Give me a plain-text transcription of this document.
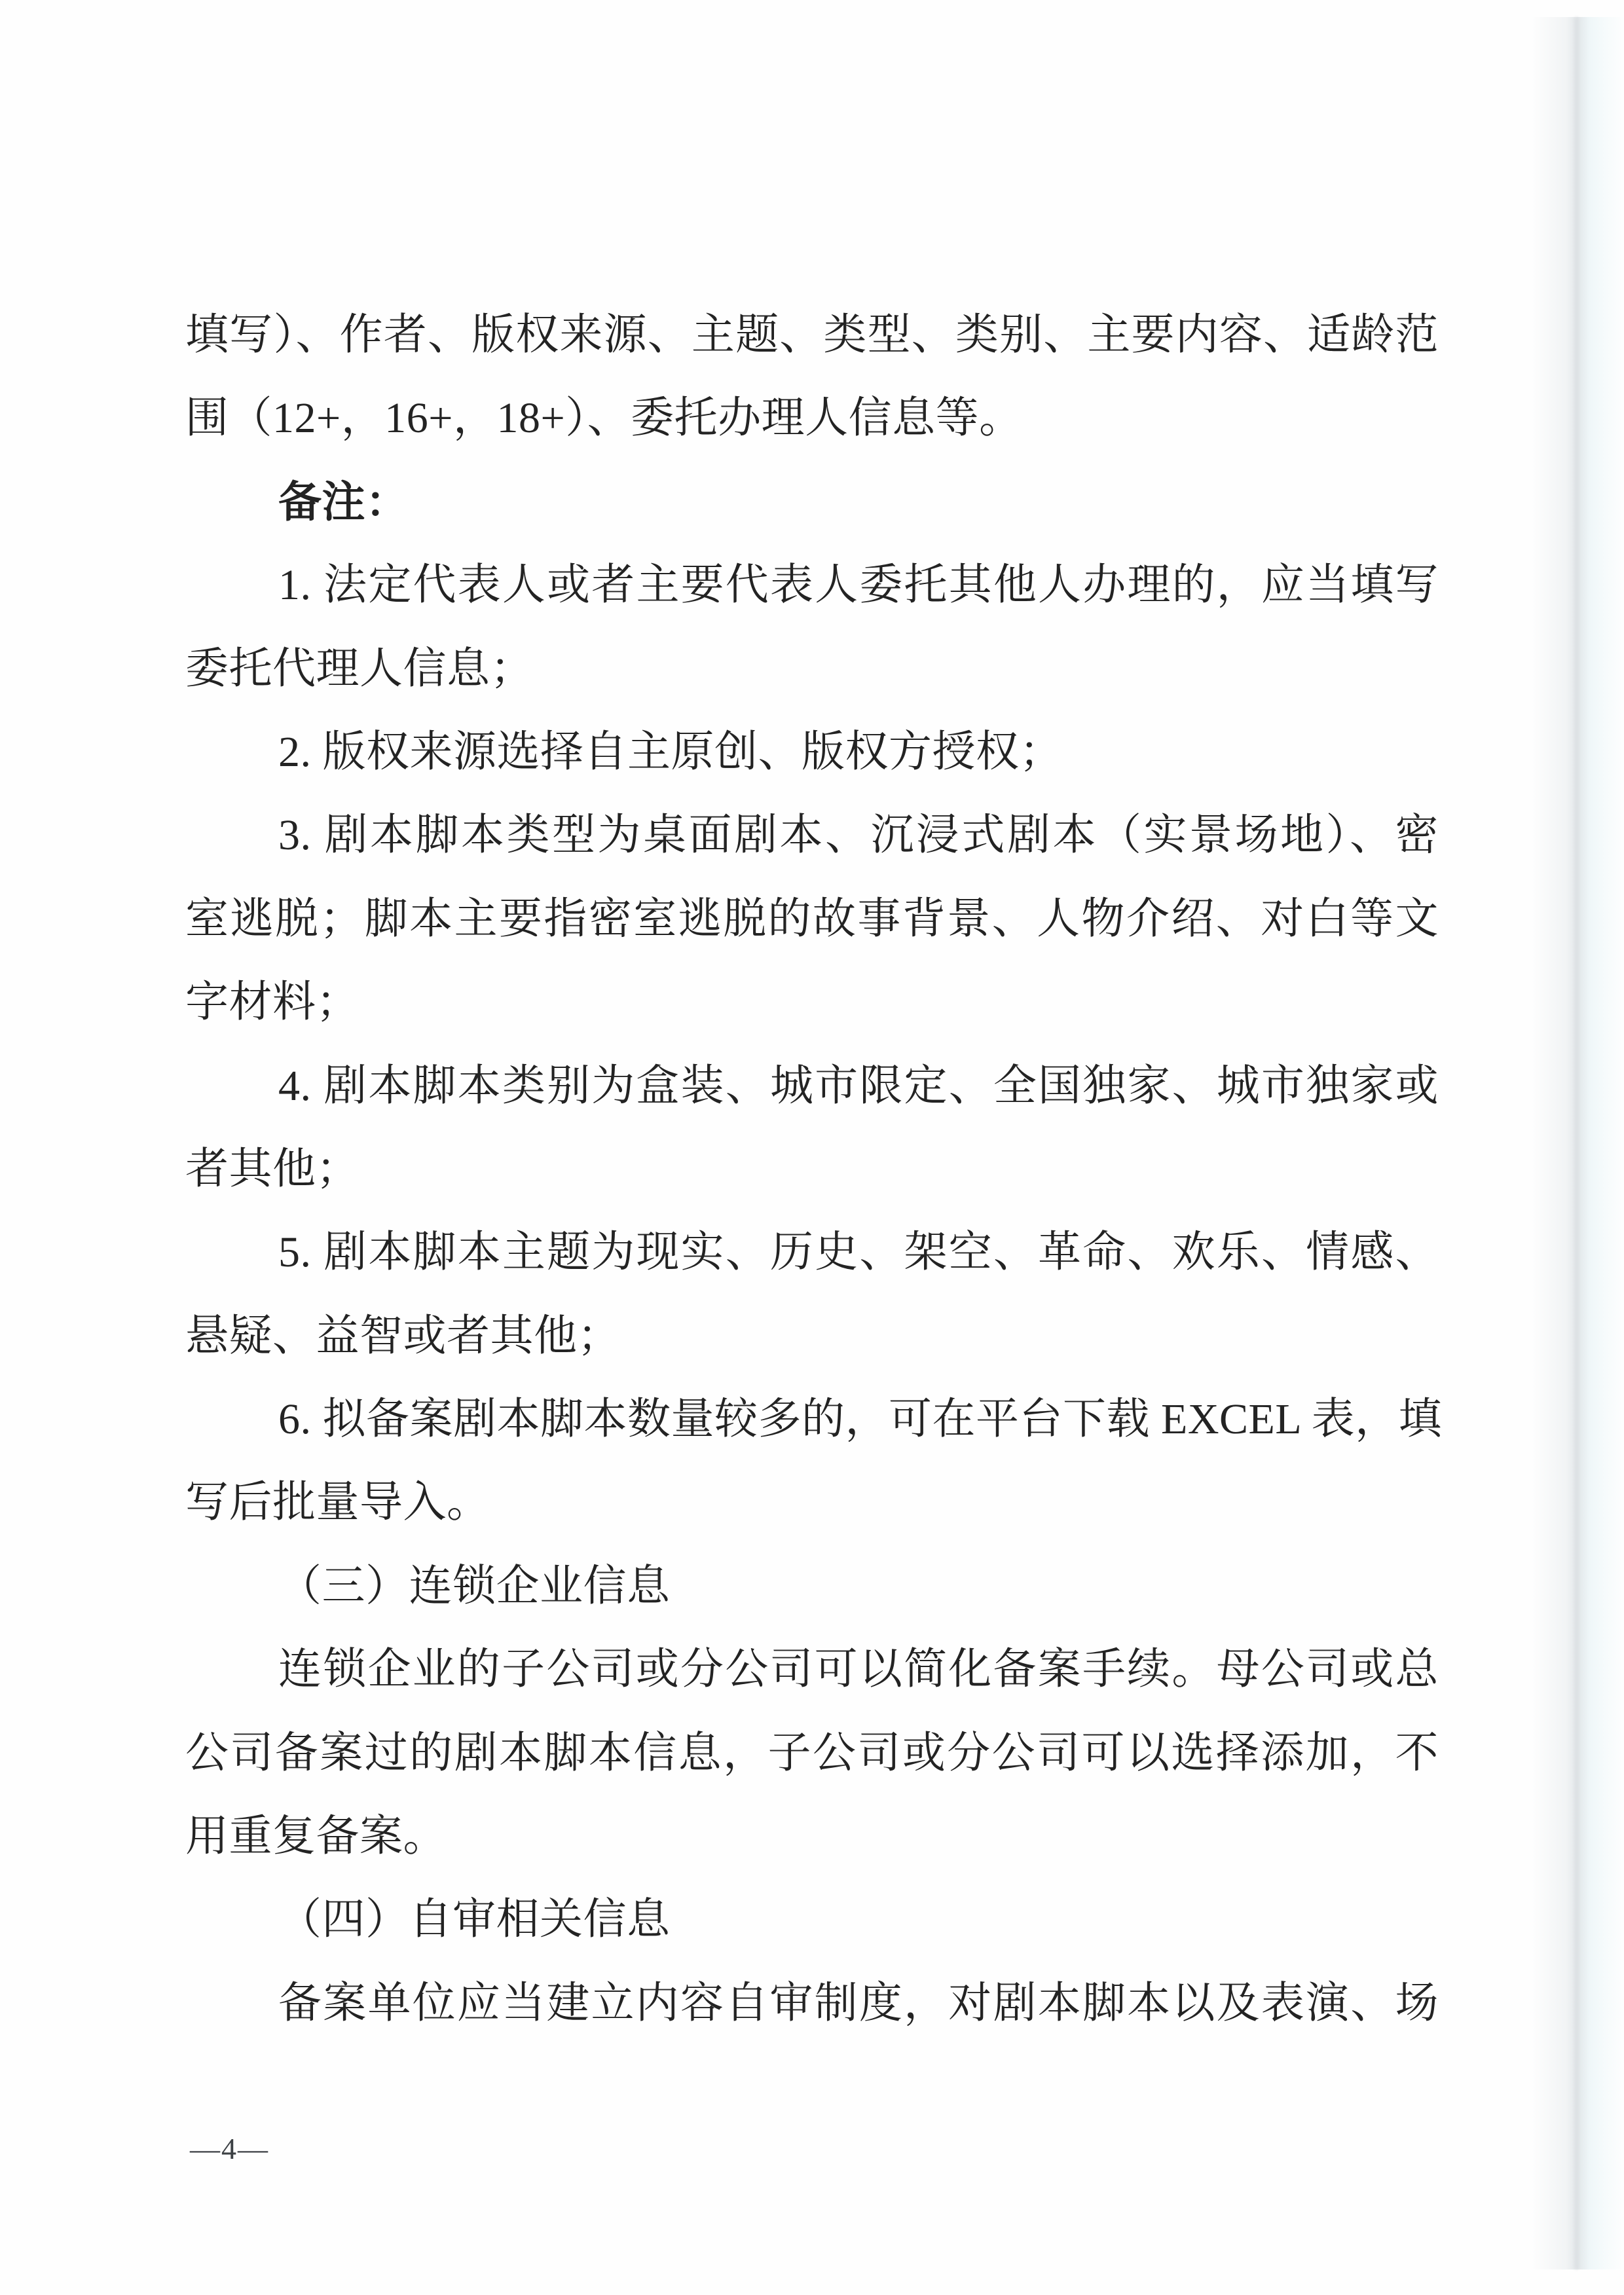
填写）、作者、版权来源、主题、类型、类别、主要内容、适龄范
围（12+，16+，18+）、委托办理人信息等。
备注：
1. 法定代表人或者主要代表人委托其他人办理的，应当填写
委托代理人信息；
2. 版权来源选择自主原创、版权方授权；
3. 剧本脚本类型为桌面剧本、沉浸式剧本（实景场地）、密
室逃脱；脚本主要指密室逃脱的故事背景、人物介绍、对白等文
字材料；
4. 剧本脚本类别为盒装、城市限定、全国独家、城市独家或
者其他；
5. 剧本脚本主题为现实、历史、架空、革命、欢乐、情感、
悬疑、益智或者其他；
6. 拟备案剧本脚本数量较多的，可在平台下载 EXCEL 表，填
写后批量导入。
（三）连锁企业信息
连锁企业的子公司或分公司可以简化备案手续。母公司或总
公司备案过的剧本脚本信息，子公司或分公司可以选择添加，不
用重复备案。
（四）自审相关信息
备案单位应当建立内容自审制度，对剧本脚本以及表演、场
—4—
